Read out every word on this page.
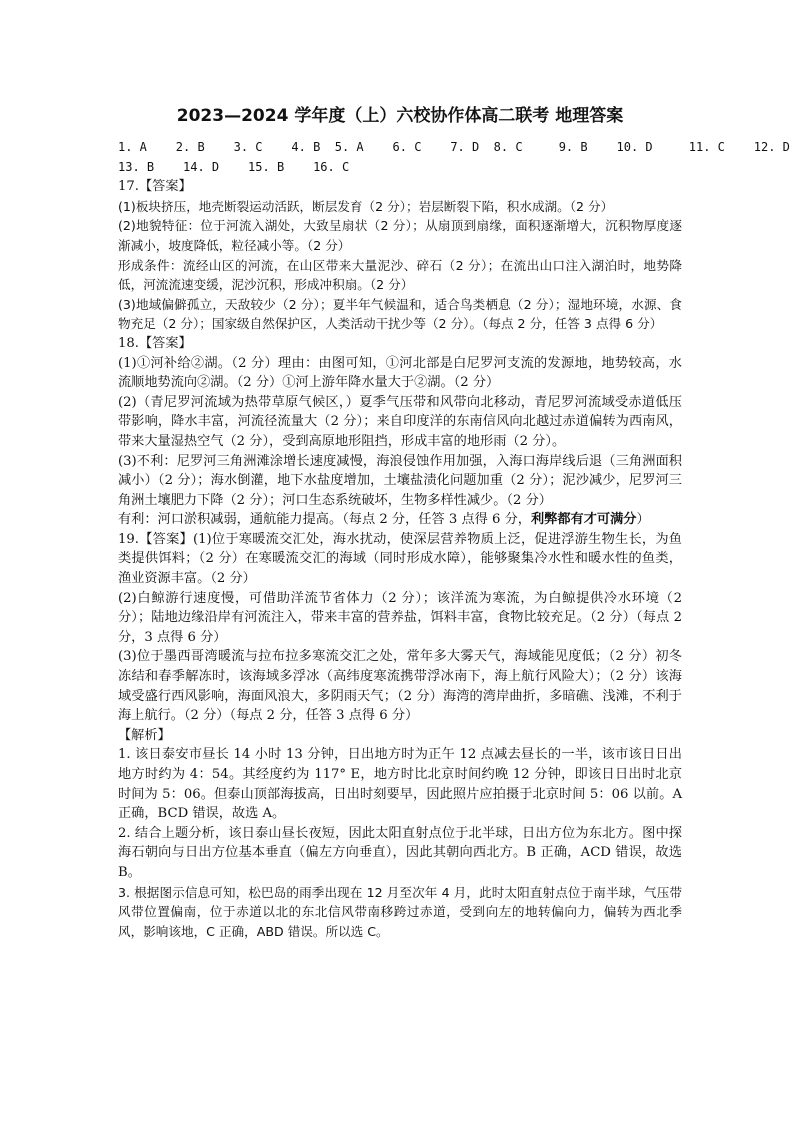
2023—2024 学年度（上）六校协作体高二联考 地理答案
1. A    2. B    3. C    4. B  5. A    6. C    7. D  8. C     9. B    10. D     11. C    12. D
13. B    14. D    15. B    16. C

17.【答案】

(1)板块挤压，地壳断裂运动活跃，断层发育（2 分）；岩层断裂下陷，积水成湖。（2 分）

(2)地貌特征：位于河流入湖处，大致呈扇状（2 分）；从扇顶到扇缘，面积逐渐增大，沉积物厚度逐渐减小，坡度降低，粒径减小等。（2 分）

形成条件：流经山区的河流，在山区带来大量泥沙、碎石（2 分）；在流出山口注入湖泊时，地势降低，河流流速变缓，泥沙沉积，形成冲积扇。（2 分）

(3)地域偏僻孤立，天敌较少（2 分）；夏半年气候温和，适合鸟类栖息（2 分）；湿地环境，水源、食物充足（2 分）；国家级自然保护区，人类活动干扰少等（2 分）。（每点 2 分，任答 3 点得 6 分）

18.【答案】

(1)①河补给②湖。（2 分）理由：由图可知，①河北部是白尼罗河支流的发源地，地势较高，水流顺地势流向②湖。（2 分）①河上游年降水量大于②湖。（2 分）

(2)（青尼罗河流域为热带草原气候区，）夏季气压带和风带向北移动，青尼罗河流域受赤道低压带影响，降水丰富，河流径流量大（2 分）；来自印度洋的东南信风向北越过赤道偏转为西南风，带来大量湿热空气（2 分），受到高原地形阻挡，形成丰富的地形雨（2 分）。

(3)不利：尼罗河三角洲滩涂增长速度减慢，海浪侵蚀作用加强，入海口海岸线后退（三角洲面积减小）（2 分）；海水倒灌，地下水盐度增加，土壤盐渍化问题加重（2 分）；泥沙减少，尼罗河三角洲土壤肥力下降（2 分）；河口生态系统破坏，生物多样性减少。（2 分）

有利：河口淤积减弱，通航能力提高。（每点 2 分，任答 3 点得 6 分，利弊都有才可满分）

19.【答案】(1)位于寒暖流交汇处，海水扰动，使深层营养物质上泛，促进浮游生物生长，为鱼类提供饵料；（2 分）在寒暖流交汇的海域（同时形成水障），能够聚集冷水性和暖水性的鱼类，渔业资源丰富。（2 分）

(2)白鲸游行速度慢，可借助洋流节省体力（2 分）；该洋流为寒流，为白鲸提供冷水环境（2 分）；陆地边缘沿岸有河流注入，带来丰富的营养盐，饵料丰富，食物比较充足。（2 分）（每点 2 分，3 点得 6 分）

(3)位于墨西哥湾暖流与拉布拉多寒流交汇之处，常年多大雾天气，海域能见度低；（2 分）初冬冻结和春季解冻时，该海域多浮冰（高纬度寒流携带浮冰南下，海上航行风险大）；（2 分）该海域受盛行西风影响，海面风浪大，多阴雨天气；（2 分）海湾的湾岸曲折，多暗礁、浅滩，不利于海上航行。（2 分）（每点 2 分，任答 3 点得 6 分）

【解析】

1. 该日泰安市昼长 14 小时 13 分钟，日出地方时为正午 12 点减去昼长的一半，该市该日日出地方时约为 4：54。其经度约为 117° E，地方时比北京时间约晚 12 分钟，即该日日出时北京时间为 5：06。但泰山顶部海拔高，日出时刻要早，因此照片应拍摄于北京时间 5：06 以前。A 正确，BCD 错误，故选 A。

2. 结合上题分析，该日泰山昼长夜短，因此太阳直射点位于北半球，日出方位为东北方。图中探海石朝向与日出方位基本垂直（偏左方向垂直），因此其朝向西北方。B 正确，ACD 错误，故选 B。

3. 根据图示信息可知，松巴岛的雨季出现在 12 月至次年 4 月，此时太阳直射点位于南半球，气压带风带位置偏南，位于赤道以北的东北信风带南移跨过赤道，受到向左的地转偏向力，偏转为西北季风，影响该地，C 正确，ABD 错误。所以选 C。
